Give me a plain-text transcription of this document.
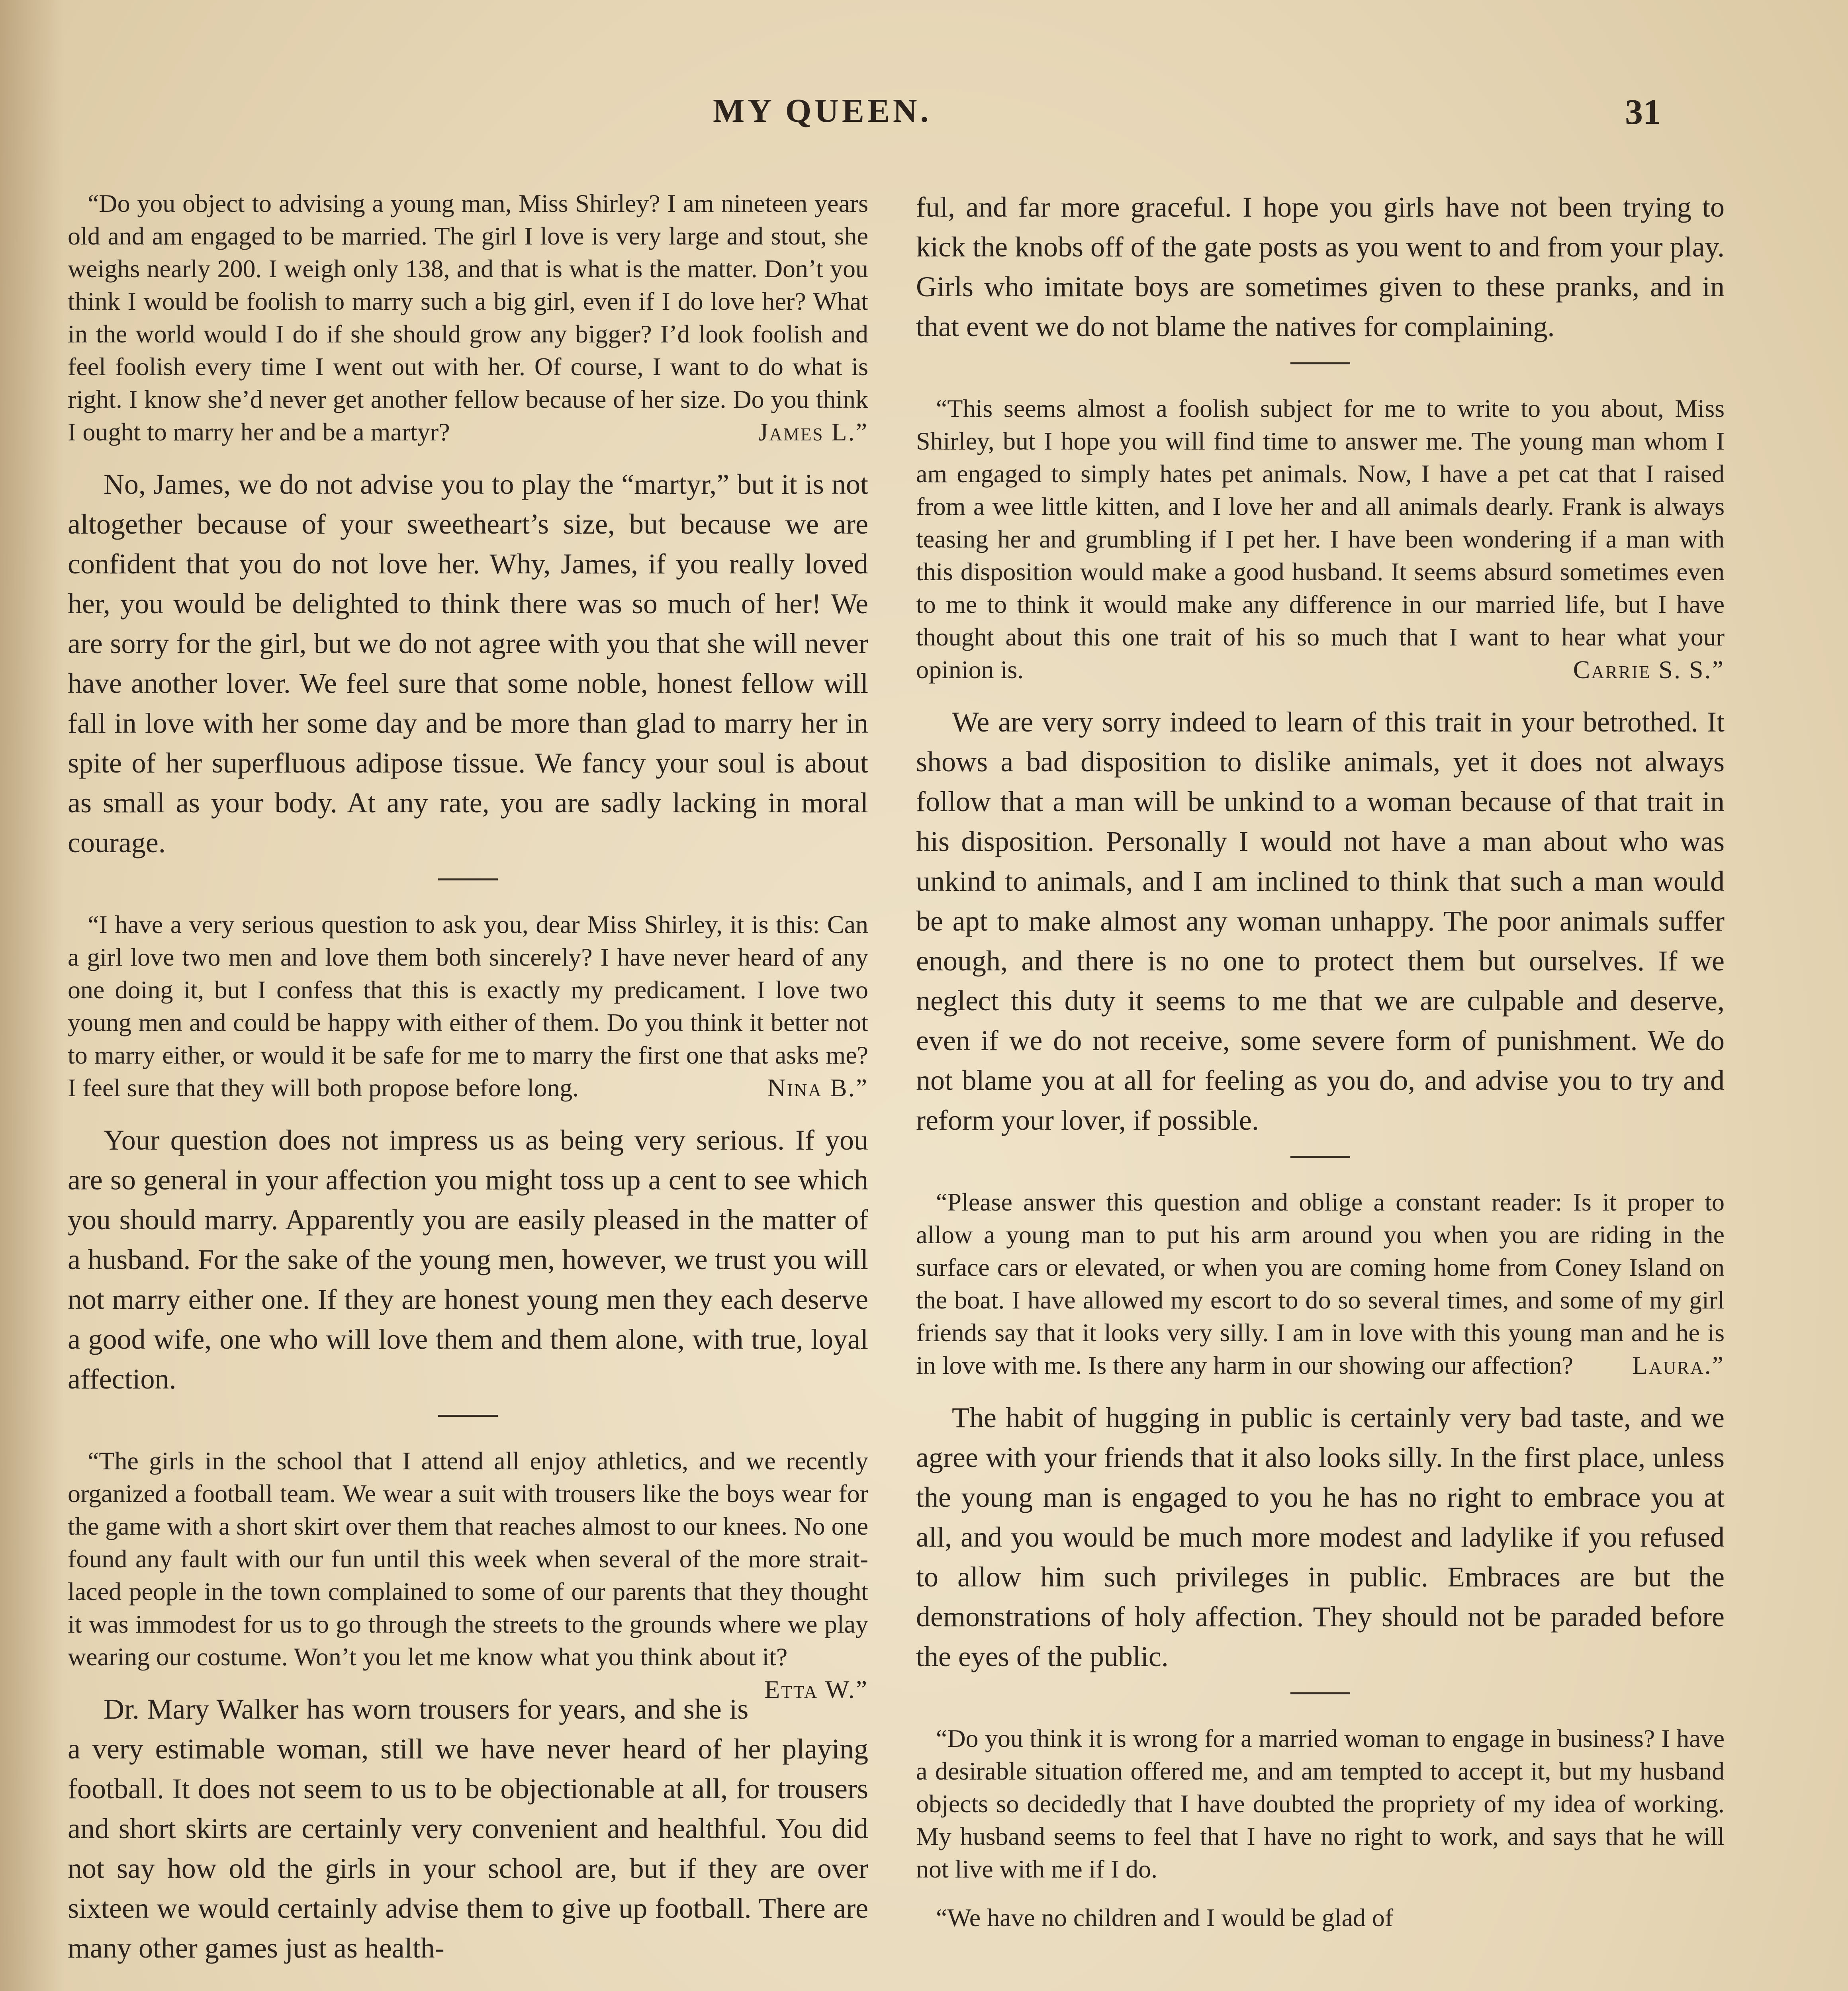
MY QUEEN.	31

“Do you object to advising a young man, Miss Shirley? I am nineteen years old and am engaged to be married. The girl I love is very large and stout, she weighs nearly 200. I weigh only 138, and that is what is the matter. Don’t you think I would be foolish to marry such a big girl, even if I do love her? What in the world would I do if she should grow any bigger? I’d look foolish and feel foolish every time I went out with her. Of course, I want to do what is right. I know she’d never get another fellow because of her size. Do you think I ought to marry her and be a martyr?	James L.”

No, James, we do not advise you to play the “martyr,” but it is not altogether because of your sweetheart’s size, but because we are confident that you do not love her. Why, James, if you really loved her, you would be delighted to think there was so much of her! We are sorry for the girl, but we do not agree with you that she will never have another lover. We feel sure that some noble, honest fellow will fall in love with her some day and be more than glad to marry her in spite of her superfluous adipose tissue. We fancy your soul is about as small as your body. At any rate, you are sadly lacking in moral courage.

“I have a very serious question to ask you, dear Miss Shirley, it is this: Can a girl love two men and love them both sincerely? I have never heard of any one doing it, but I confess that this is exactly my predicament. I love two young men and could be happy with either of them. Do you think it better not to marry either, or would it be safe for me to marry the first one that asks me? I feel sure that they will both propose before long.	Nina B.”

Your question does not impress us as being very serious. If you are so general in your affection you might toss up a cent to see which you should marry. Apparently you are easily pleased in the matter of a husband. For the sake of the young men, however, we trust you will not marry either one. If they are honest young men they each deserve a good wife, one who will love them and them alone, with true, loyal affection.

“The girls in the school that I attend all enjoy athletics, and we recently organized a football team. We wear a suit with trousers like the boys wear for the game with a short skirt over them that reaches almost to our knees. No one found any fault with our fun until this week when several of the more strait-laced people in the town complained to some of our parents that they thought it was immodest for us to go through the streets to the grounds where we play wearing our costume. Won’t you let me know what you think about it?
Etta W.”

Dr. Mary Walker has worn trousers for years, and she is a very estimable woman, still we have never heard of her playing football. It does not seem to us to be objectionable at all, for trousers and short skirts are certainly very convenient and healthful. You did not say how old the girls in your school are, but if they are over sixteen we would certainly advise them to give up football. There are many other games just as health-

ful, and far more graceful. I hope you girls have not been trying to kick the knobs off of the gate posts as you went to and from your play. Girls who imitate boys are sometimes given to these pranks, and in that event we do not blame the natives for complaining.

“This seems almost a foolish subject for me to write to you about, Miss Shirley, but I hope you will find time to answer me. The young man whom I am engaged to simply hates pet animals. Now, I have a pet cat that I raised from a wee little kitten, and I love her and all animals dearly. Frank is always teasing her and grumbling if I pet her. I have been wondering if a man with this disposition would make a good husband. It seems absurd sometimes even to me to think it would make any difference in our married life, but I have thought about this one trait of his so much that I want to hear what your opinion is.	Carrie S. S.”

We are very sorry indeed to learn of this trait in your betrothed. It shows a bad disposition to dislike animals, yet it does not always follow that a man will be unkind to a woman because of that trait in his disposition. Personally I would not have a man about who was unkind to animals, and I am inclined to think that such a man would be apt to make almost any woman unhappy. The poor animals suffer enough, and there is no one to protect them but ourselves. If we neglect this duty it seems to me that we are culpable and deserve, even if we do not receive, some severe form of punishment. We do not blame you at all for feeling as you do, and advise you to try and reform your lover, if possible.

“Please answer this question and oblige a constant reader: Is it proper to allow a young man to put his arm around you when you are riding in the surface cars or elevated, or when you are coming home from Coney Island on the boat. I have allowed my escort to do so several times, and some of my girl friends say that it looks very silly. I am in love with this young man and he is in love with me. Is there any harm in our showing our affection? Laura.”

The habit of hugging in public is certainly very bad taste, and we agree with your friends that it also looks silly. In the first place, unless the young man is engaged to you he has no right to embrace you at all, and you would be much more modest and ladylike if you refused to allow him such privileges in public. Embraces are but the demonstrations of holy affection. They should not be paraded before the eyes of the public.

“Do you think it is wrong for a married woman to engage in business? I have a desirable situation offered me, and am tempted to accept it, but my husband objects so decidedly that I have doubted the propriety of my idea of working. My husband seems to feel that I have no right to work, and says that he will not live with me if I do.

“We have no children and I would be glad of
